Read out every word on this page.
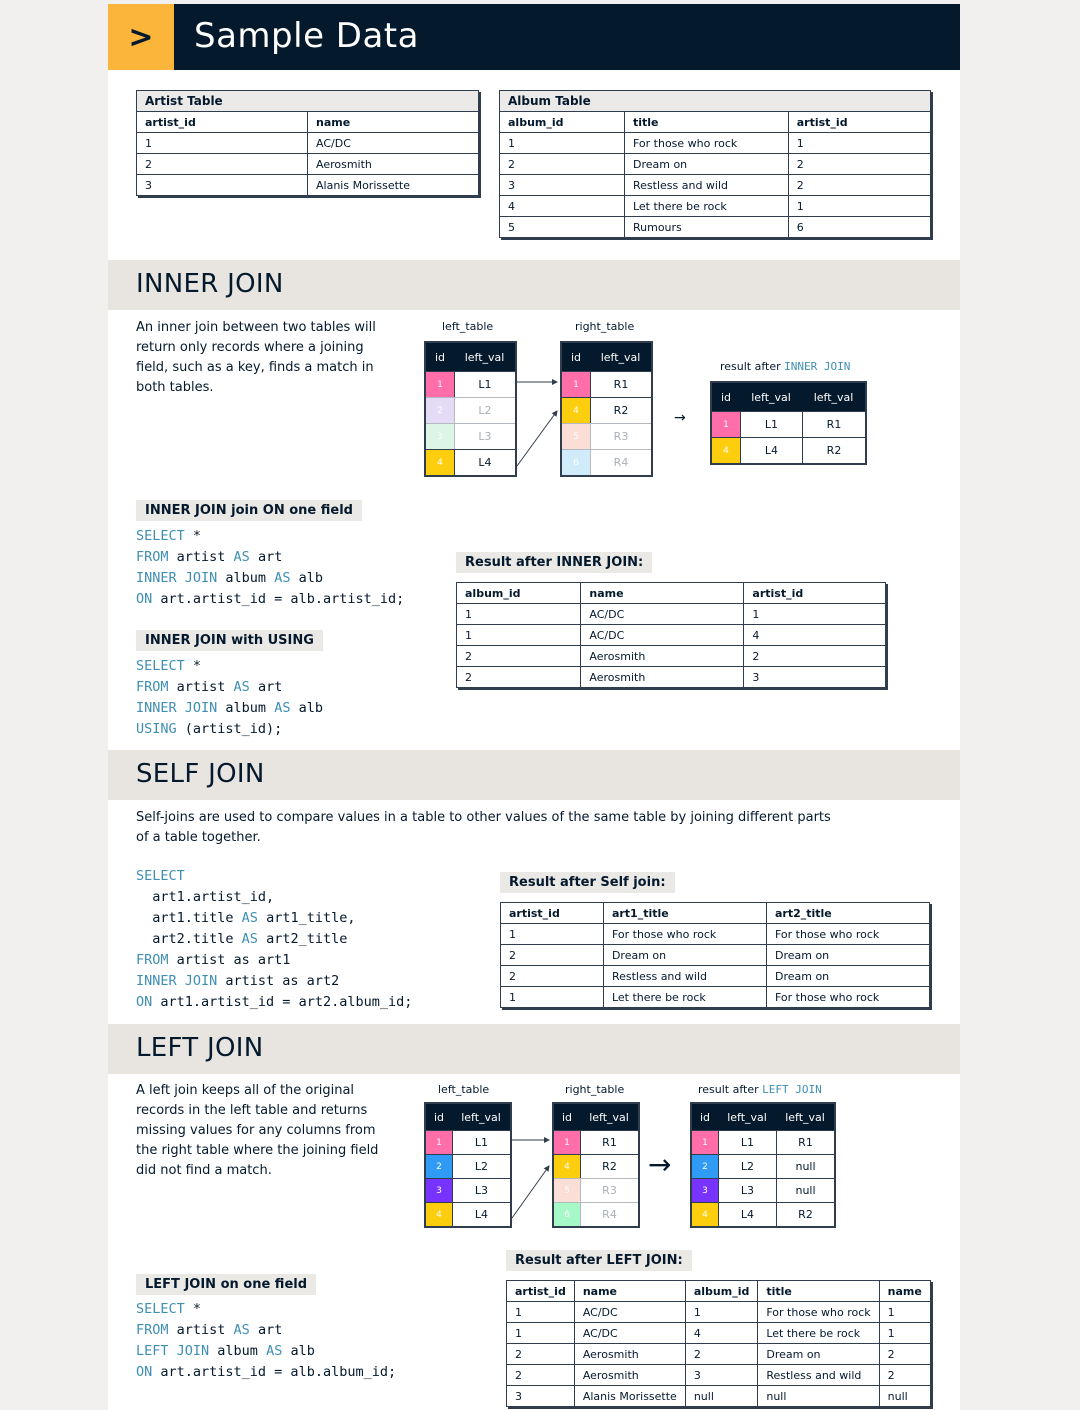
>	Sample Data
Artist Table	
artist_id	name
1	AC/DC
2	Aerosmith
3	Alanis Morissette
Album Table		
album_id	title	artist_id
1	For those who rock	1
2	Dream on	2
3	Restless and wild	2
4	Let there be rock	1
5	Rumours	6
INNER JOIN
An inner join between two tables will return only records where a joining field, such as a key, finds a match in both tables.
left_table	right_table
result after INNER JOIN
id	left_val
1	L1
2	L2
3	L3
4	L4
id	left_val
1	R1
4	R2
5	R3
6	R4
→
id	left_val	left_val
1	L1	R1
4	L4	R2
INNER JOIN join ON one field
SELECT *
FROM artist AS art
INNER JOIN album AS alb
ON art.artist_id = alb.artist_id;
INNER JOIN with USING
SELECT *
FROM artist AS art
INNER JOIN album AS alb
USING (artist_id);
Result after INNER JOIN:
album_id	name	artist_id
1	AC/DC	1
1	AC/DC	4
2	Aerosmith	2
2	Aerosmith	3
SELF JOIN
Self-joins are used to compare values in a table to other values of the same table by joining different parts
of a table together.
SELECT
art1.artist_id,
art1.title AS art1_title,
art2.title AS art2_title
FROM artist as art1
INNER JOIN artist as art2
ON art1.artist_id = art2.album_id;
Result after Self join:
artist_id	art1_title	art2_title
1	For those who rock	For those who rock
2	Dream on	Dream on
2	Restless and wild	Dream on
1	Let there be rock	For those who rock
LEFT JOIN
A left join keeps all of the original records in the left table and returns missing values for any columns from the right table where the joining field did not find a match.
left_table	right_table	result after LEFT JOIN
id	left_val
1	L1
2	L2
3	L3
4	L4
id	left_val
1	R1
4	R2
5	R3
6	R4
→
id	left_val	left_val
1	L1	R1
2	L2	null
3	L3	null
4	L4	R2
LEFT JOIN on one field
SELECT *
FROM artist AS art
LEFT JOIN album AS alb
ON art.artist_id = alb.album_id;
Result after LEFT JOIN:
artist_id	name	album_id	title	name
1	AC/DC	1	For those who rock	1
1	AC/DC	4	Let there be rock	1
2	Aerosmith	2	Dream on	2
2	Aerosmith	3	Restless and wild	2
3	Alanis Morissette	null	null	null
